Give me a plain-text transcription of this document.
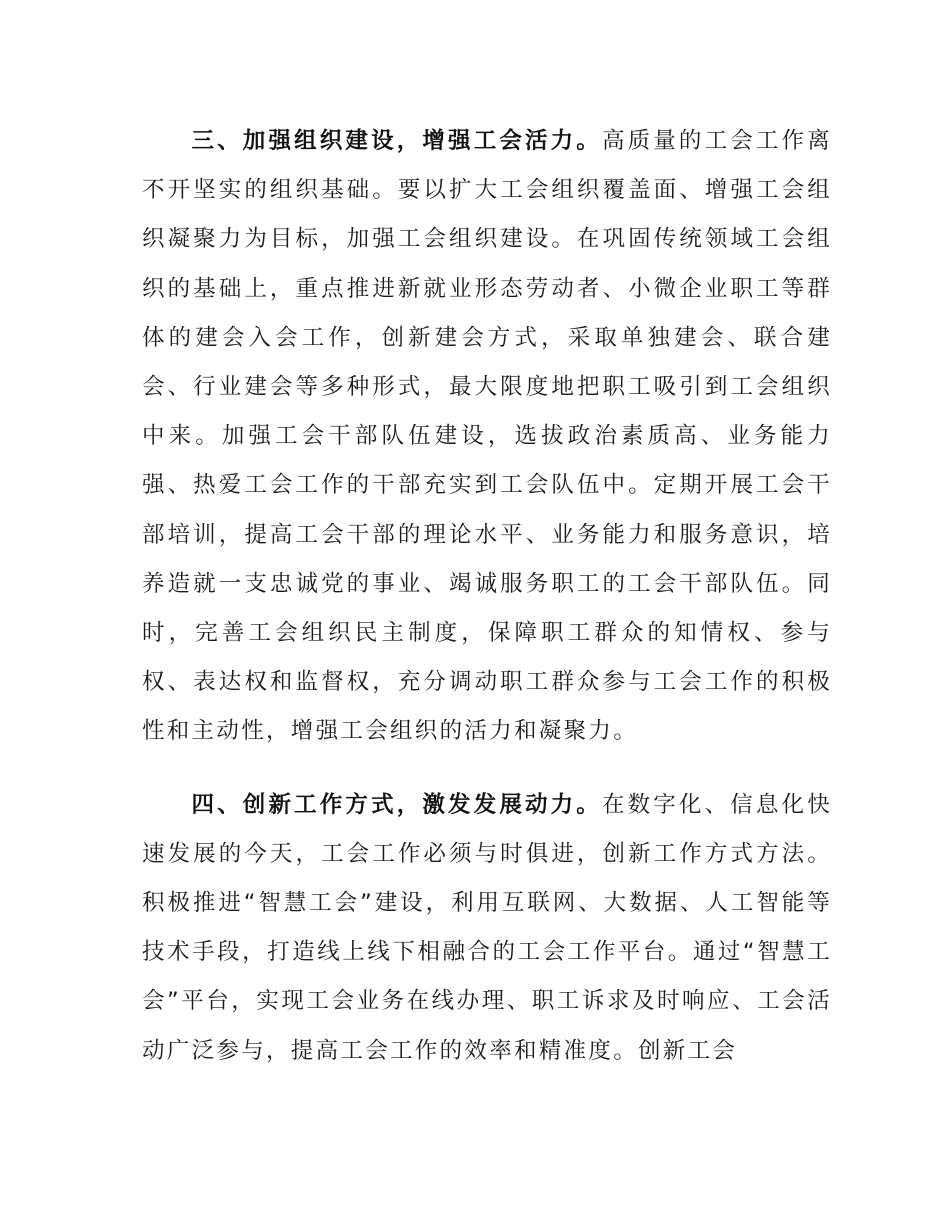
三、加强组织建设，增强工会活力。高质量的工会工作离不开坚实的组织基础。要以扩大工会组织覆盖面、增强工会组织凝聚力为目标，加强工会组织建设。在巩固传统领域工会组织的基础上，重点推进新就业形态劳动者、小微企业职工等群体的建会入会工作，创新建会方式，采取单独建会、联合建会、行业建会等多种形式，最大限度地把职工吸引到工会组织中来。加强工会干部队伍建设，选拔政治素质高、业务能力强、热爱工会工作的干部充实到工会队伍中。定期开展工会干部培训，提高工会干部的理论水平、业务能力和服务意识，培养造就一支忠诚党的事业、竭诚服务职工的工会干部队伍。同时，完善工会组织民主制度，保障职工群众的知情权、参与权、表达权和监督权，充分调动职工群众参与工会工作的积极性和主动性，增强工会组织的活力和凝聚力。

四、创新工作方式，激发发展动力。在数字化、信息化快速发展的今天，工会工作必须与时俱进，创新工作方式方法。积极推进“智慧工会”建设，利用互联网、大数据、人工智能等技术手段，打造线上线下相融合的工会工作平台。通过“智慧工会”平台，实现工会业务在线办理、职工诉求及时响应、工会活动广泛参与，提高工会工作的效率和精准度。创新工会
